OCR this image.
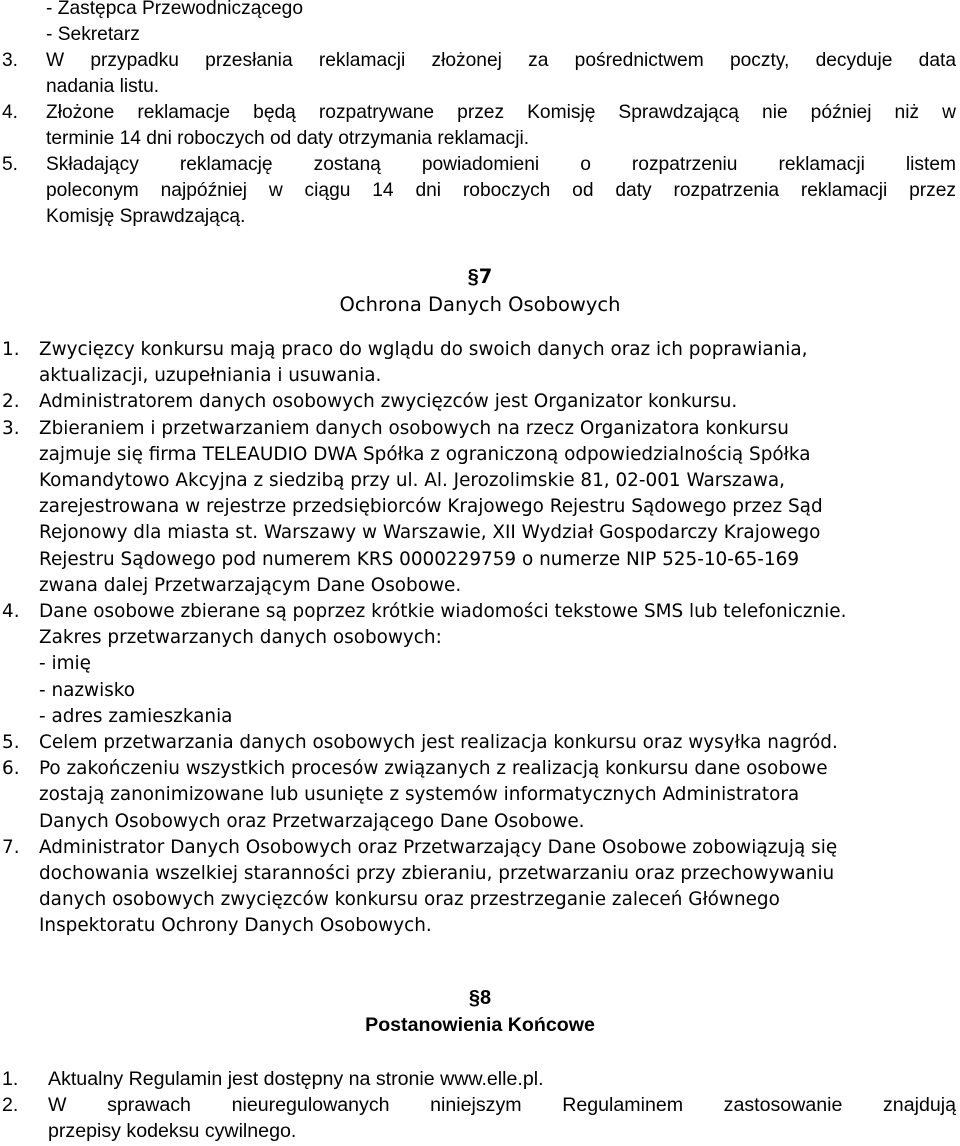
- Zastępca Przewodniczącego
- Sekretarz
3.	W przypadku przesłania reklamacji złożonej za pośrednictwem poczty, decyduje data
nadania listu.
4.	Złożone reklamacje będą rozpatrywane przez Komisję Sprawdzającą nie później niż w
terminie 14 dni roboczych od daty otrzymania reklamacji.
5.	Składający reklamację zostaną powiadomieni o rozpatrzeniu reklamacji listem
poleconym najpóźniej w ciągu 14 dni roboczych od daty rozpatrzenia reklamacji przez
Komisję Sprawdzającą.
§7
Ochrona Danych Osobowych
1.	Zwycięzcy konkursu mają praco do wglądu do swoich danych oraz ich poprawiania,
aktualizacji, uzupełniania i usuwania.
2.	Administratorem danych osobowych zwycięzców jest Organizator konkursu.
3.	Zbieraniem i przetwarzaniem danych osobowych na rzecz Organizatora konkursu
zajmuje się firma TELEAUDIO DWA Spółka z ograniczoną odpowiedzialnością Spółka
Komandytowo Akcyjna z siedzibą przy ul. Al. Jerozolimskie 81, 02-001 Warszawa,
zarejestrowana w rejestrze przedsiębiorców Krajowego Rejestru Sądowego przez Sąd
Rejonowy dla miasta st. Warszawy w Warszawie, XII Wydział Gospodarczy Krajowego
Rejestru Sądowego pod numerem KRS 0000229759 o numerze NIP 525-10-65-169
zwana dalej Przetwarzającym Dane Osobowe.
4.	Dane osobowe zbierane są poprzez krótkie wiadomości tekstowe SMS lub telefonicznie.
Zakres przetwarzanych danych osobowych:
- imię
- nazwisko
- adres zamieszkania
5.	Celem przetwarzania danych osobowych jest realizacja konkursu oraz wysyłka nagród.
6.	Po zakończeniu wszystkich procesów związanych z realizacją konkursu dane osobowe
zostają zanonimizowane lub usunięte z systemów informatycznych Administratora
Danych Osobowych oraz Przetwarzającego Dane Osobowe.
7.	Administrator Danych Osobowych oraz Przetwarzający Dane Osobowe zobowiązują się
dochowania wszelkiej staranności przy zbieraniu, przetwarzaniu oraz przechowywaniu
danych osobowych zwycięzców konkursu oraz przestrzeganie zaleceń Głównego
Inspektoratu Ochrony Danych Osobowych.
§8
Postanowienia Końcowe
1.	Aktualny Regulamin jest dostępny na stronie www.elle.pl.
2.	W sprawach nieuregulowanych niniejszym Regulaminem zastosowanie znajdują
przepisy kodeksu cywilnego.
